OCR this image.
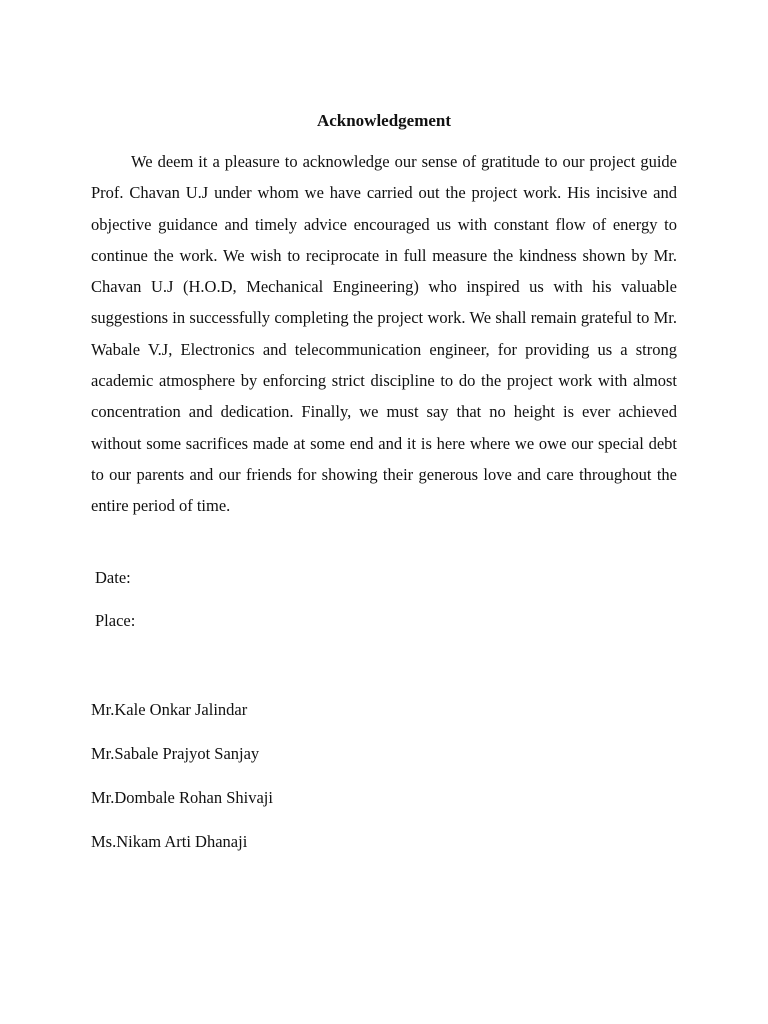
Acknowledgement

We deem it a pleasure to acknowledge our sense of gratitude to our project guide Prof. Chavan U.J under whom we have carried out the project work. His incisive and objective guidance and timely advice encouraged us with constant flow of energy to continue the work. We wish to reciprocate in full measure the kindness shown by Mr. Chavan U.J (H.O.D, Mechanical Engineering) who inspired us with his valuable suggestions in successfully completing the project work. We shall remain grateful to Mr. Wabale V.J, Electronics and telecommunication engineer, for providing us a strong academic atmosphere by enforcing strict discipline to do the project work with almost concentration and dedication. Finally, we must say that no height is ever achieved without some sacrifices made at some end and it is here where we owe our special debt to our parents and our friends for showing their generous love and care throughout the entire period of time.

Date:

Place:

Mr.Kale Onkar Jalindar

Mr.Sabale Prajyot Sanjay

Mr.Dombale Rohan Shivaji

Ms.Nikam Arti Dhanaji
